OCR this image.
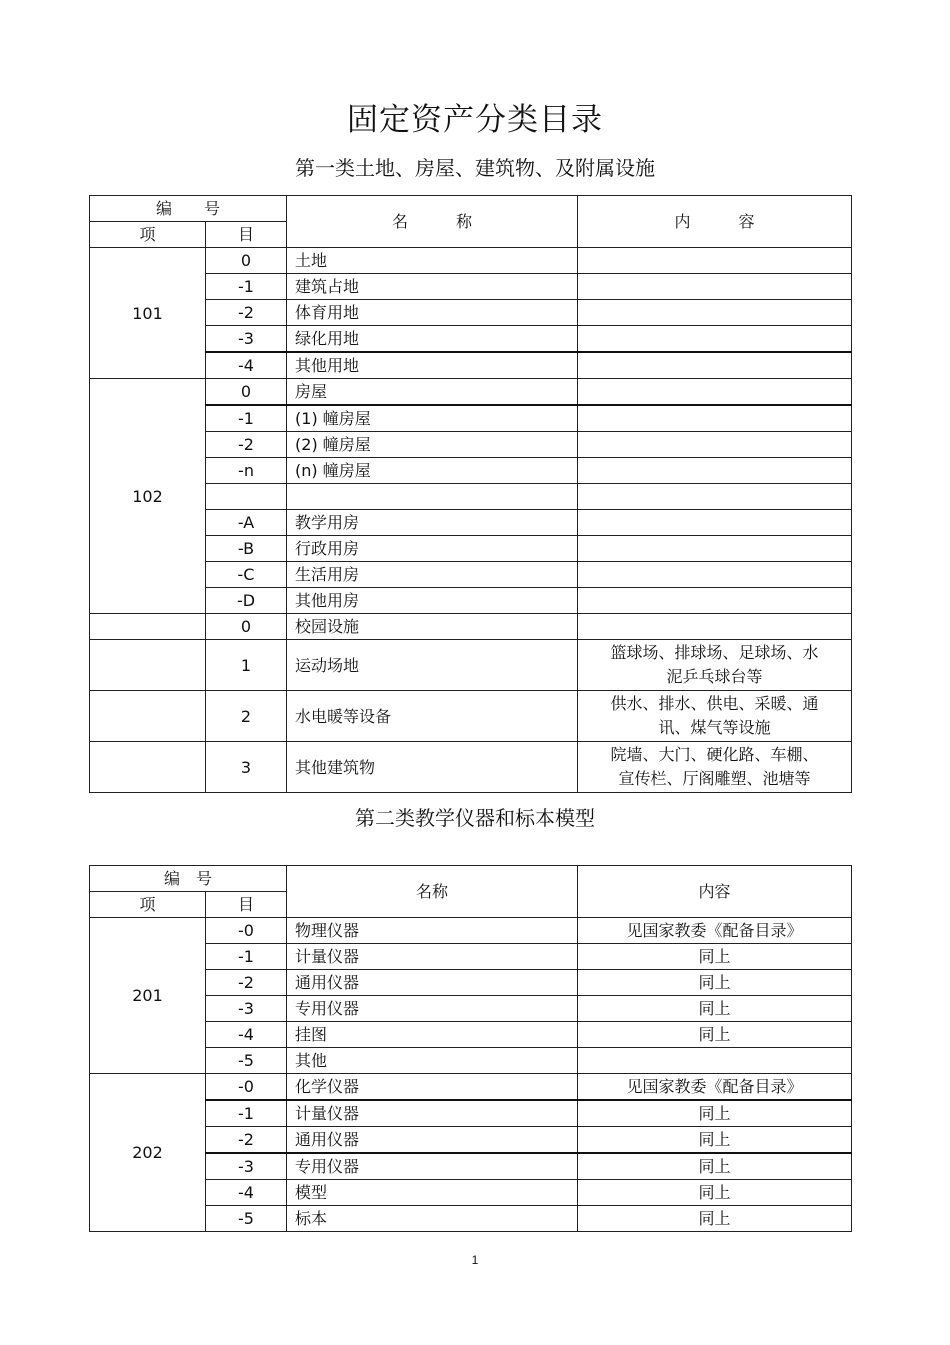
固定资产分类目录
第一类土地、房屋、建筑物、及附属设施
编　　号		名　　　称	内　　　容
项	目		
101	0	土地	
	-1	建筑占地	
	-2	体育用地	
	-3	绿化用地	
	-4	其他用地	
102	0	房屋	
	-1	(1) 幢房屋	
	-2	(2) 幢房屋	
	-n	(n) 幢房屋	

	-A	教学用房	
	-B	行政用房	
	-C	生活用房	
	-D	其他用房	
	0	校园设施	
	1	运动场地	篮球场、排球场、足球场、水
泥乒乓球台等

	2	水电暖等设备	供水、排水、供电、采暖、通
讯、煤气等设施

	3	其他建筑物	院墙、大门、硬化路、车棚、
宣传栏、厅阁雕塑、池塘等
第二类教学仪器和标本模型
编　号		名称	内容
项	目		
201	-0	物理仪器	见国家教委《配备目录》
	-1	计量仪器	同上
	-2	通用仪器	同上
	-3	专用仪器	同上
	-4	挂图	同上
	-5	其他	
202	-0	化学仪器	见国家教委《配备目录》
	-1	计量仪器	同上
	-2	通用仪器	同上
	-3	专用仪器	同上
	-4	模型	同上
	-5	标本	同上
1
